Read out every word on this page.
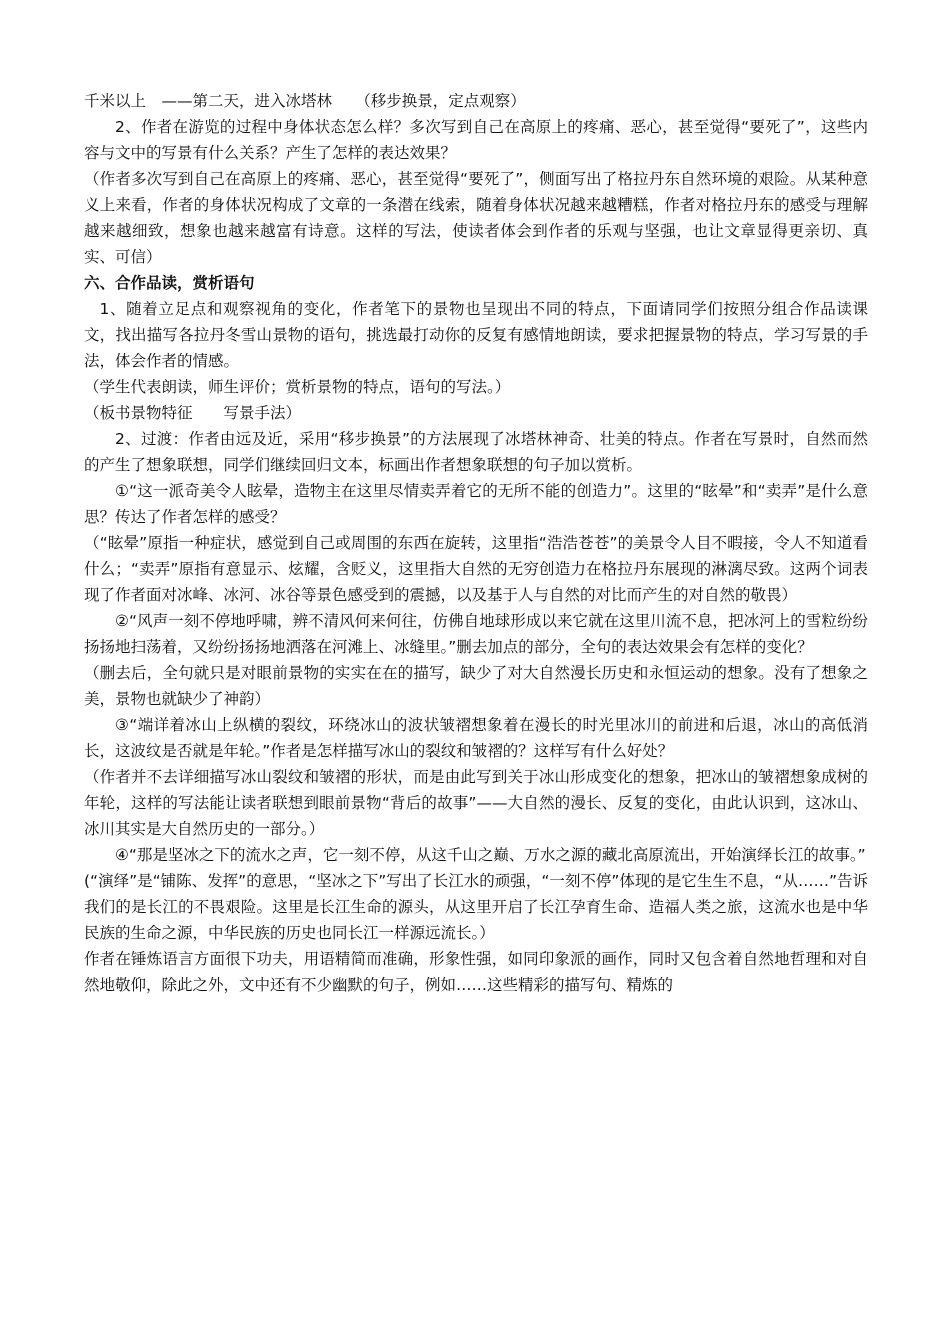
千米以上　——第二天，进入冰塔林　　（移步换景，定点观察）

2、作者在游览的过程中身体状态怎么样？多次写到自己在高原上的疼痛、恶心，甚至觉得“要死了”，这些内容与文中的写景有什么关系？产生了怎样的表达效果？

（作者多次写到自己在高原上的疼痛、恶心，甚至觉得“要死了”，侧面写出了格拉丹东自然环境的艰险。从某种意义上来看，作者的身体状况构成了文章的一条潜在线索，随着身体状况越来越糟糕，作者对格拉丹东的感受与理解越来越细致，想象也越来越富有诗意。这样的写法，使读者体会到作者的乐观与坚强，也让文章显得更亲切、真实、可信）

六、合作品读，赏析语句

1、随着立足点和观察视角的变化，作者笔下的景物也呈现出不同的特点，下面请同学们按照分组合作品读课文，找出描写各拉丹冬雪山景物的语句，挑选最打动你的反复有感情地朗读，要求把握景物的特点，学习写景的手法，体会作者的情感。

（学生代表朗读，师生评价；赏析景物的特点，语句的写法。）

（板书景物特征　　写景手法）

2、过渡：作者由远及近，采用“移步换景”的方法展现了冰塔林神奇、壮美的特点。作者在写景时，自然而然的产生了想象联想，同学们继续回归文本，标画出作者想象联想的句子加以赏析。

①“这一派奇美令人眩晕，造物主在这里尽情卖弄着它的无所不能的创造力”。这里的“眩晕”和“卖弄”是什么意思？传达了作者怎样的感受？

（“眩晕”原指一种症状，感觉到自己或周围的东西在旋转，这里指“浩浩苍苍”的美景令人目不暇接，令人不知道看什么；“卖弄”原指有意显示、炫耀，含贬义，这里指大自然的无穷创造力在格拉丹东展现的淋漓尽致。这两个词表现了作者面对冰峰、冰河、冰谷等景色感受到的震撼，以及基于人与自然的对比而产生的对自然的敬畏）

②“风声一刻不停地呼啸，辨不清风何来何往，仿佛自地球形成以来它就在这里川流不息，把冰河上的雪粒纷纷扬扬地扫荡着，又纷纷扬扬地洒落在河滩上、冰缝里。”删去加点的部分，全句的表达效果会有怎样的变化？

（删去后，全句就只是对眼前景物的实实在在的描写，缺少了对大自然漫长历史和永恒运动的想象。没有了想象之美，景物也就缺少了神韵）

③“端详着冰山上纵横的裂纹，环绕冰山的波状皱褶想象着在漫长的时光里冰川的前进和后退，冰山的高低消长，这波纹是否就是年轮。”作者是怎样描写冰山的裂纹和皱褶的？这样写有什么好处？

（作者并不去详细描写冰山裂纹和皱褶的形状，而是由此写到关于冰山形成变化的想象，把冰山的皱褶想象成树的年轮，这样的写法能让读者联想到眼前景物“背后的故事”——大自然的漫长、反复的变化，由此认识到，这冰山、冰川其实是大自然历史的一部分。）

④“那是坚冰之下的流水之声，它一刻不停，从这千山之巅、万水之源的藏北高原流出，开始演绎长江的故事。”

(“演绎”是“铺陈、发挥”的意思，“坚冰之下”写出了长江水的顽强，“一刻不停”体现的是它生生不息，“从……”告诉我们的是长江的不畏艰险。这里是长江生命的源头，从这里开启了长江孕育生命、造福人类之旅，这流水也是中华民族的生命之源，中华民族的历史也同长江一样源远流长。）

作者在锤炼语言方面很下功夫，用语精简而准确，形象性强，如同印象派的画作，同时又包含着自然地哲理和对自然地敬仰，除此之外，文中还有不少幽默的句子，例如……这些精彩的描写句、精炼的
